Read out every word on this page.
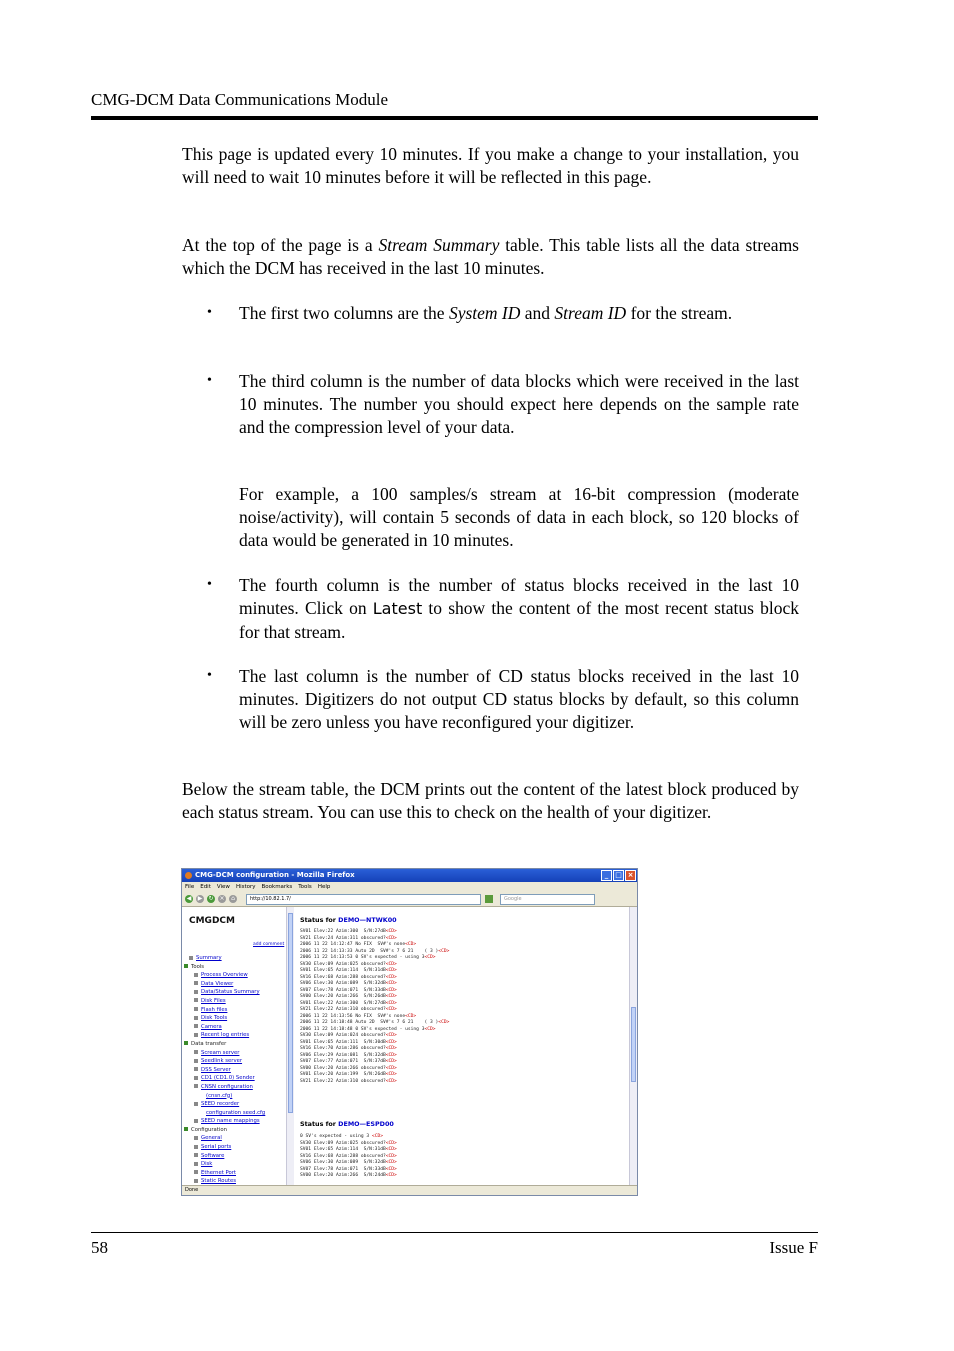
CMG-DCM Data Communications Module
This page is updated every 10 minutes. If you make a change to your installation, you will need to wait 10 minutes before it will be reflected in this page.
At the top of the page is a Stream Summary table. This table lists all the data streams which the DCM has received in the last 10 minutes.
• The first two columns are the System ID and Stream ID for the stream.
• The third column is the number of data blocks which were received in the last 10 minutes. The number you should expect here depends on the sample rate and the compression level of your data.
For example, a 100 samples/s stream at 16-bit compression (moderate noise/activity), will contain 5 seconds of data in each block, so 120 blocks of data would be generated in 10 minutes.
• The fourth column is the number of status blocks received in the last 10 minutes. Click on Latest to show the content of the most recent status block for that stream.
• The last column is the number of CD status blocks received in the last 10 minutes. Digitizers do not output CD status blocks by default, so this column will be zero unless you have reconfigured your digitizer.
Below the stream table, the DCM prints out the content of the latest block produced by each status stream. You can use this to check on the health of your digitizer.
CMG-DCM configuration - Mozilla Firefox	_ □ ×
File Edit View History Bookmarks Tools Help
◀ ▶ ↻ ×	⌂	http://10.82.1.7/	Google
CMGDCM
add comment
Summary
Tools
Process Overview
Data Viewer
Data/Status Summary
Disk Files
Flash files
Disk Tools
Camera
Recent log entries
Data transfer
Scream server
Seedlink server
DSS Server
CD1 (CD1.0) Sender
CNSN configuration
(cnsn.cfg)
SEED recorder
configuration seed.cfg
SEED name mappings
Configuration
General
Serial ports
Software
Disk
Ethernet Port
Static Routes
Status for DEMO—NTWK00
SV01 Elev:22 Azim:300  S/N:27dB<CD>
SV21 Elev:24 Azim:311 obscured?<CD>
2006 11 22 14:12:47 No FIX  SV#'s none<CD>
2006 11 22 14:13:33 Auto 2D  SV#'s 7 6 21    ( 3 )<CD>
2006 11 22 14:13:53 0 SV's expected - using 3<CD>
SV30 Elev:09 Azim:025 obscured?<CD>
SV01 Elev:65 Azim:114  S/N:31dB<CD>
SV16 Elev:68 Azim:288 obscured?<CD>
SV06 Elev:30 Azim:089  S/N:32dB<CD>
SV07 Elev:78 Azim:071  S/N:33dB<CD>
SV00 Elev:20 Azim:266  S/N:26dB<CD>
SV01 Elev:22 Azim:300  S/N:27dB<CD>
SV21 Elev:22 Azim:310 obscured?<CD>
2006 11 22 14:13:56 No FIX  SV#'s none<CD>
2006 11 22 14:18:48 Auto 2D  SV#'s 7 6 21    ( 3 )<CD>
2006 11 22 14:18:48 0 SV's expected - using 3<CD>
SV30 Elev:09 Azim:024 obscured?<CD>
SV01 Elev:65 Azim:111  S/N:30dB<CD>
SV16 Elev:70 Azim:286 obscured?<CD>
SV06 Elev:29 Azim:081  S/N:32dB<CD>
SV07 Elev:77 Azim:071  S/N:37dB<CD>
SV00 Elev:20 Azim:266 obscured?<CD>
SV01 Elev:20 Azim:199  S/N:26dB<CD>
SV21 Elev:22 Azim:310 obscured?<CD>
Status for DEMO—ESPD00
0 SV's expected - using 3 <CD>
SV30 Elev:09 Azim:025 obscured?<CD>
SV01 Elev:65 Azim:114  S/N:31dB<CD>
SV16 Elev:68 Azim:288 obscured?<CD>
SV06 Elev:30 Azim:089  S/N:32dB<CD>
SV07 Elev:78 Azim:071  S/N:33dB<CD>
SV00 Elev:20 Azim:266  S/N:24dB<CD>
Done
58	Issue F
